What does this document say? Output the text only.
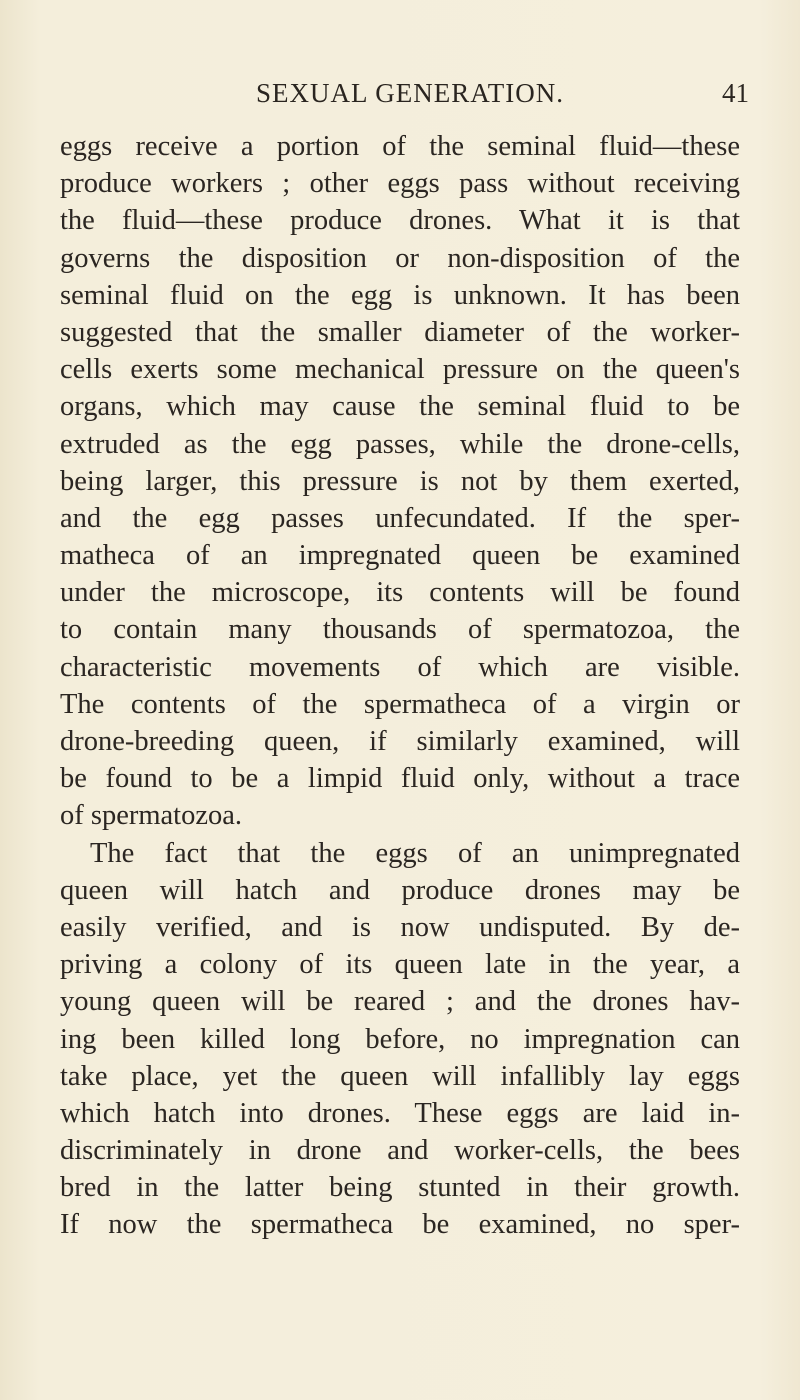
SEXUAL GENERATION.	41
eggs receive a portion of the seminal fluid—these
produce workers ; other eggs pass without receiving
the fluid—these produce drones. What it is that
governs the disposition or non-disposition of the
seminal fluid on the egg is unknown. It has been
suggested that the smaller diameter of the worker-
cells exerts some mechanical pressure on the queen's
organs, which may cause the seminal fluid to be
extruded as the egg passes, while the drone-cells,
being larger, this pressure is not by them exerted,
and the egg passes unfecundated. If the sper-
matheca of an impregnated queen be examined
under the microscope, its contents will be found
to contain many thousands of spermatozoa, the
characteristic movements of which are visible.
The contents of the spermatheca of a virgin or
drone-breeding queen, if similarly examined, will
be found to be a limpid fluid only, without a trace
of spermatozoa.
The fact that the eggs of an unimpregnated
queen will hatch and produce drones may be
easily verified, and is now undisputed. By de-
priving a colony of its queen late in the year, a
young queen will be reared ; and the drones hav-
ing been killed long before, no impregnation can
take place, yet the queen will infallibly lay eggs
which hatch into drones. These eggs are laid in-
discriminately in drone and worker-cells, the bees
bred in the latter being stunted in their growth.
If now the spermatheca be examined, no sper-
